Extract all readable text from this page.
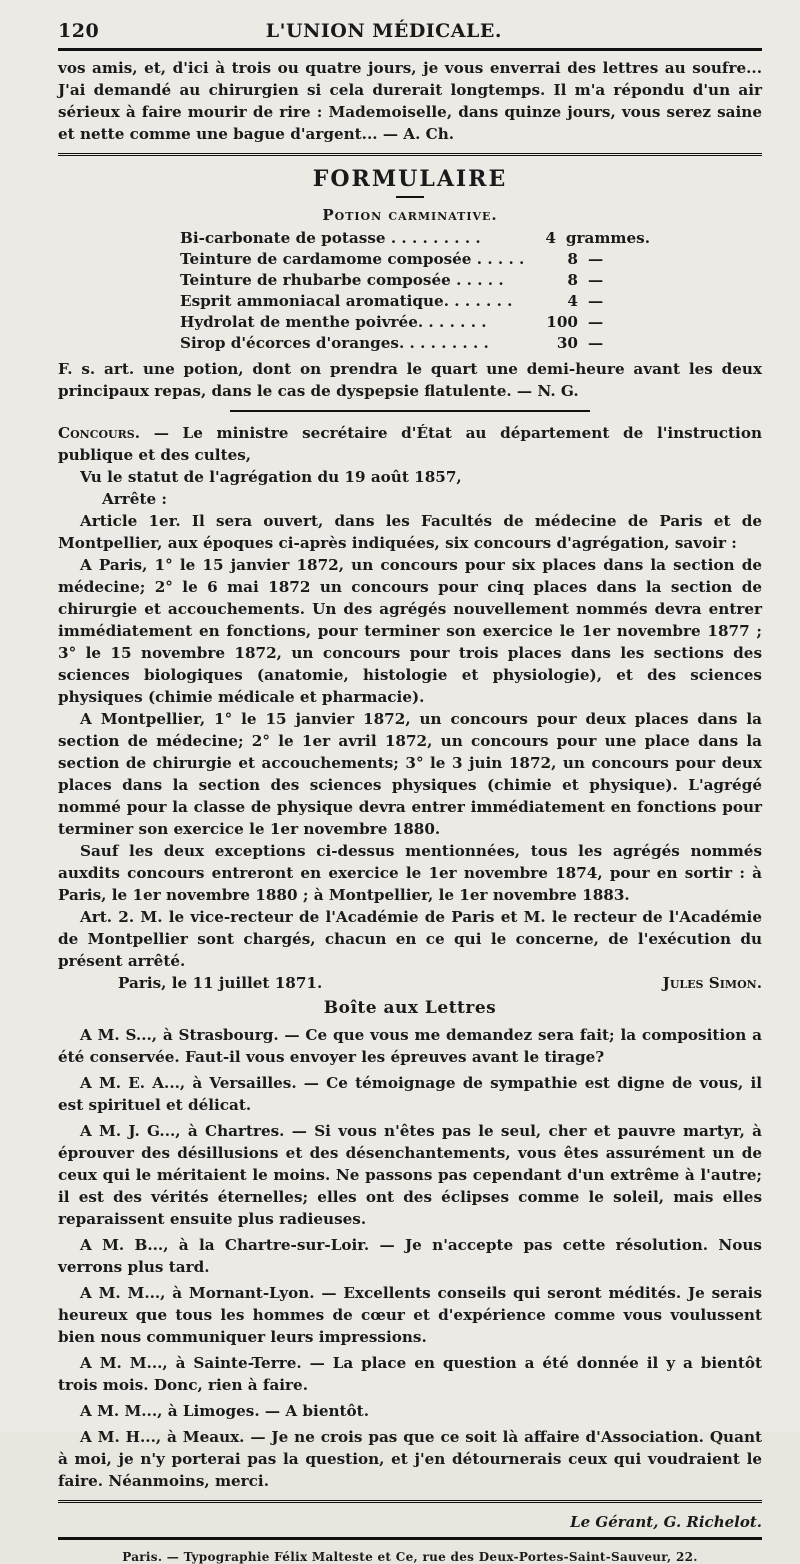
120	L'UNION MÉDICALE.

vos amis, et, d'ici à trois ou quatre jours, je vous enverrai des lettres au soufre... J'ai demandé au chirurgien si cela durerait longtemps. Il m'a répondu d'un air sérieux à faire mourir de rire : Mademoiselle, dans quinze jours, vous serez saine et nette comme une bague d'argent... — A. Ch.

FORMULAIRE
Potion carminative.
Bi-carbonate de potasse . . . . . . . . .	4 grammes.
Teinture de cardamome composée . . . . .	8 —
Teinture de rhubarbe composée . . . . .	8 —
Esprit ammoniacal aromatique. . . . . . .	4 —
Hydrolat de menthe poivrée. . . . . . .	100 —
Sirop d'écorces d'oranges. . . . . . . . .	30 —

F. s. art. une potion, dont on prendra le quart une demi-heure avant les deux principaux repas, dans le cas de dyspepsie flatulente. — N. G.

Concours. — Le ministre secrétaire d'État au département de l'instruction publique et des cultes,

Vu le statut de l'agrégation du 19 août 1857,

Arrête :

Article 1er. Il sera ouvert, dans les Facultés de médecine de Paris et de Montpellier, aux époques ci-après indiquées, six concours d'agrégation, savoir :

A Paris, 1° le 15 janvier 1872, un concours pour six places dans la section de médecine; 2° le 6 mai 1872 un concours pour cinq places dans la section de chirurgie et accouchements. Un des agrégés nouvellement nommés devra entrer immédiatement en fonctions, pour terminer son exercice le 1er novembre 1877 ; 3° le 15 novembre 1872, un concours pour trois places dans les sections des sciences biologiques (anatomie, histologie et physiologie), et des sciences physiques (chimie médicale et pharmacie).

A Montpellier, 1° le 15 janvier 1872, un concours pour deux places dans la section de médecine; 2° le 1er avril 1872, un concours pour une place dans la section de chirurgie et accouchements; 3° le 3 juin 1872, un concours pour deux places dans la section des sciences physiques (chimie et physique). L'agrégé nommé pour la classe de physique devra entrer immédiatement en fonctions pour terminer son exercice le 1er novembre 1880.

Sauf les deux exceptions ci-dessus mentionnées, tous les agrégés nommés auxdits concours entreront en exercice le 1er novembre 1874, pour en sortir : à Paris, le 1er novembre 1880 ; à Montpellier, le 1er novembre 1883.

Art. 2. M. le vice-recteur de l'Académie de Paris et M. le recteur de l'Académie de Montpellier sont chargés, chacun en ce qui le concerne, de l'exécution du présent arrêté.

Paris, le 11 juillet 1871.	Jules Simon.
Boîte aux Lettres

A M. S..., à Strasbourg. — Ce que vous me demandez sera fait; la composition a été conservée. Faut-il vous envoyer les épreuves avant le tirage?

A M. E. A..., à Versailles. — Ce témoignage de sympathie est digne de vous, il est spirituel et délicat.

A M. J. G..., à Chartres. — Si vous n'êtes pas le seul, cher et pauvre martyr, à éprouver des désillusions et des désenchantements, vous êtes assurément un de ceux qui le méritaient le moins. Ne passons pas cependant d'un extrême à l'autre; il est des vérités éternelles; elles ont des éclipses comme le soleil, mais elles reparaissent ensuite plus radieuses.

A M. B..., à la Chartre-sur-Loir. — Je n'accepte pas cette résolution. Nous verrons plus tard.

A M. M..., à Mornant-Lyon. — Excellents conseils qui seront médités. Je serais heureux que tous les hommes de cœur et d'expérience comme vous voulussent bien nous communiquer leurs impressions.

A M. M..., à Sainte-Terre. — La place en question a été donnée il y a bientôt trois mois. Donc, rien à faire.

A M. M..., à Limoges. — A bientôt.

A M. H..., à Meaux. — Je ne crois pas que ce soit là affaire d'Association. Quant à moi, je n'y porterai pas la question, et j'en détournerais ceux qui voudraient le faire. Néanmoins, merci.

Le Gérant, G. Richelot.
Paris. — Typographie Félix Malteste et Ce, rue des Deux-Portes-Saint-Sauveur, 22.
